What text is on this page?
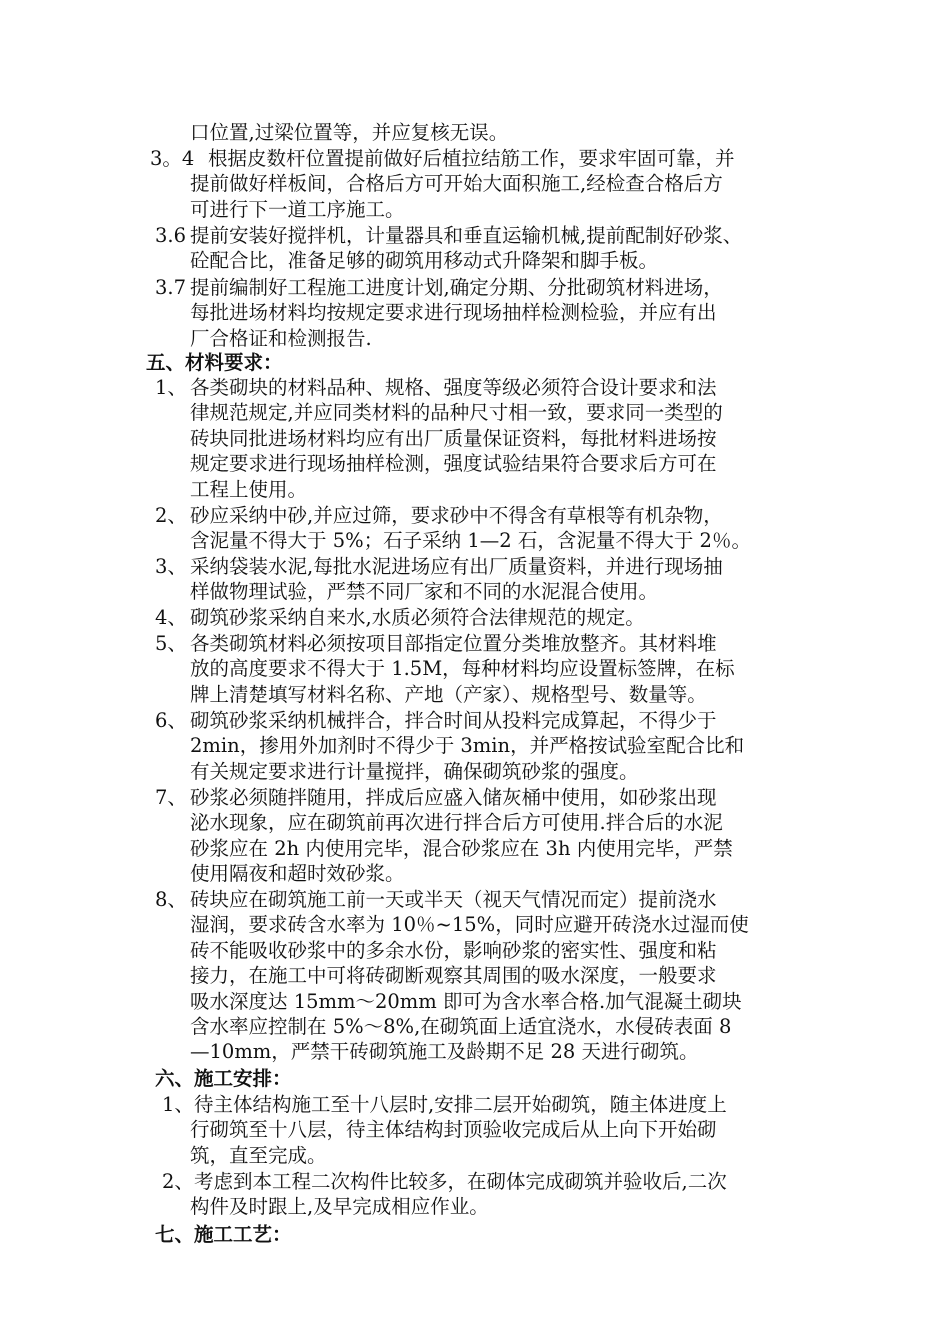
口位置,过梁位置等，并应复核无误。
3。4 根据皮数杆位置提前做好后植拉结筋工作，要求牢固可靠，并
提前做好样板间，合格后方可开始大面积施工,经检查合格后方
可进行下一道工序施工。
3.6 提前安装好搅拌机，计量器具和垂直运输机械,提前配制好砂浆、
砼配合比，准备足够的砌筑用移动式升降架和脚手板。
3.7 提前编制好工程施工进度计划,确定分期、分批砌筑材料进场，
每批进场材料均按规定要求进行现场抽样检测检验，并应有出
厂合格证和检测报告.
五、材料要求：
1、 各类砌块的材料品种、规格、强度等级必须符合设计要求和法
律规范规定,并应同类材料的品种尺寸相一致，要求同一类型的
砖块同批进场材料均应有出厂质量保证资料，每批材料进场按
规定要求进行现场抽样检测，强度试验结果符合要求后方可在
工程上使用。
2、 砂应采纳中砂,并应过筛，要求砂中不得含有草根等有机杂物，
含泥量不得大于 5%；石子采纳 1—2 石，含泥量不得大于 2％。
3、 采纳袋装水泥,每批水泥进场应有出厂质量资料，并进行现场抽
样做物理试验，严禁不同厂家和不同的水泥混合使用。
4、 砌筑砂浆采纳自来水,水质必须符合法律规范的规定。
5、 各类砌筑材料必须按项目部指定位置分类堆放整齐。其材料堆
放的高度要求不得大于 1.5M，每种材料均应设置标签牌，在标
牌上清楚填写材料名称、产地（产家）、规格型号、数量等。
6、 砌筑砂浆采纳机械拌合，拌合时间从投料完成算起，不得少于
2min，掺用外加剂时不得少于 3min，并严格按试验室配合比和
有关规定要求进行计量搅拌，确保砌筑砂浆的强度。
7、 砂浆必须随拌随用，拌成后应盛入储灰桶中使用，如砂浆出现
泌水现象，应在砌筑前再次进行拌合后方可使用.拌合后的水泥
砂浆应在 2h 内使用完毕，混合砂浆应在 3h 内使用完毕，严禁
使用隔夜和超时效砂浆。
8、 砖块应在砌筑施工前一天或半天（视天气情况而定）提前浇水
湿润，要求砖含水率为 10％~15%，同时应避开砖浇水过湿而使
砖不能吸收砂浆中的多余水份，影响砂浆的密实性、强度和粘
接力，在施工中可将砖砌断观察其周围的吸水深度，一般要求
吸水深度达 15mm～20mm 即可为含水率合格.加气混凝土砌块
含水率应控制在 5%～8%,在砌筑面上适宜浇水，水侵砖表面 8
—10mm，严禁干砖砌筑施工及龄期不足 28 天进行砌筑。
六、施工安排：
1、 待主体结构施工至十八层时,安排二层开始砌筑，随主体进度上
行砌筑至十八层，待主体结构封顶验收完成后从上向下开始砌
筑，直至完成。
2、 考虑到本工程二次构件比较多，在砌体完成砌筑并验收后,二次
构件及时跟上,及早完成相应作业。
七、施工工艺：
